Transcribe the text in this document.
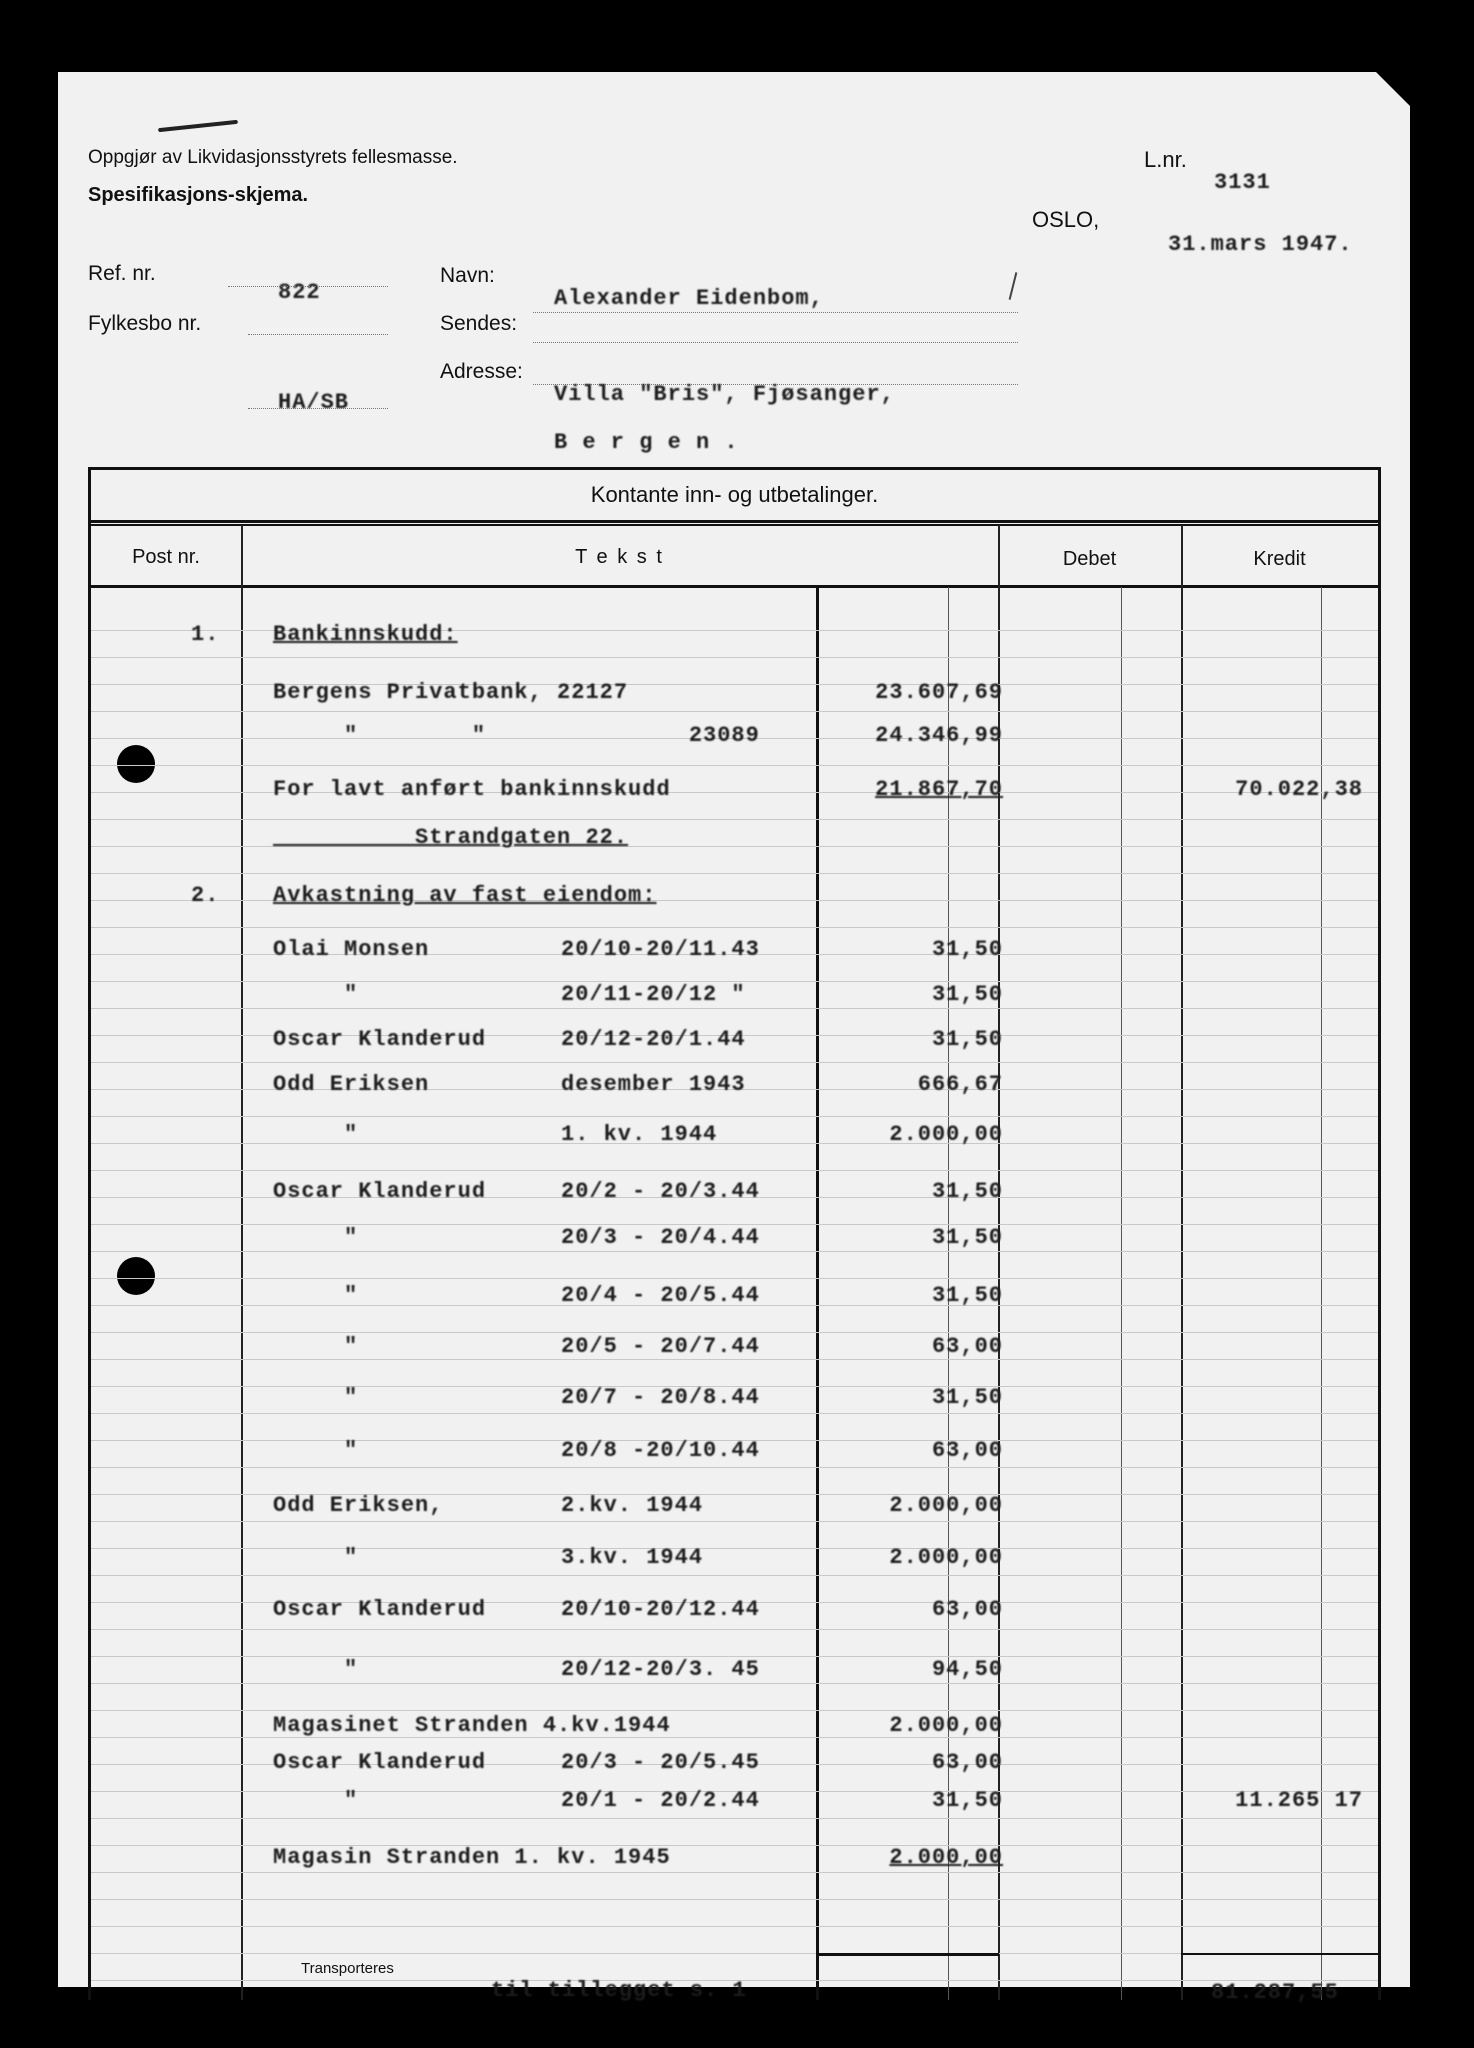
Oppgjør av Likvidasjonsstyrets fellesmasse.
Spesifikasjons-skjema.
L.nr.
3131
OSLO,
31.mars 1947.
Ref. nr.
822
Fylkesbo nr.
HA/SB
Navn:
Alexander Eidenbom,
Sendes:
Adresse:
Villa "Bris", Fjøsanger,
B e r g e n .
Kontante inn- og utbetalinger.
Post nr.	T e k s t	Debet	Kredit
1. Bankinnskudd:
Bergens Privatbank, 22127	23.607,69
"        "	23089	24.346,99
For lavt anført bankinnskudd	21.867,70	70.022,38
Strandgaten 22.
2. Avkastning av fast eiendom:
Olai Monsen	20/10-20/11.43	31,50
"	20/11-20/12 "	31,50
Oscar Klanderud	20/12-20/1.44	31,50
Odd Eriksen	desember 1943	666,67
"	1. kv. 1944	2.000,00
Oscar Klanderud	20/2 - 20/3.44	31,50
"	20/3 - 20/4.44	31,50
"	20/4 - 20/5.44	31,50
"	20/5 - 20/7.44	63,00
"	20/7 - 20/8.44	31,50
"	20/8 -20/10.44	63,00
Odd Eriksen,	2.kv. 1944	2.000,00
"	3.kv. 1944	2.000,00
Oscar Klanderud	20/10-20/12.44	63,00
"	20/12-20/3. 45	94,50
Magasinet Stranden 4.kv.1944	2.000,00
Oscar Klanderud	20/3 - 20/5.45	63,00
"	20/1 - 20/2.44	31,50	11.265 17
Magasin Stranden 1. kv. 1945	2.000,00
Transporteres
til tillegget s. 1	81.287,55
